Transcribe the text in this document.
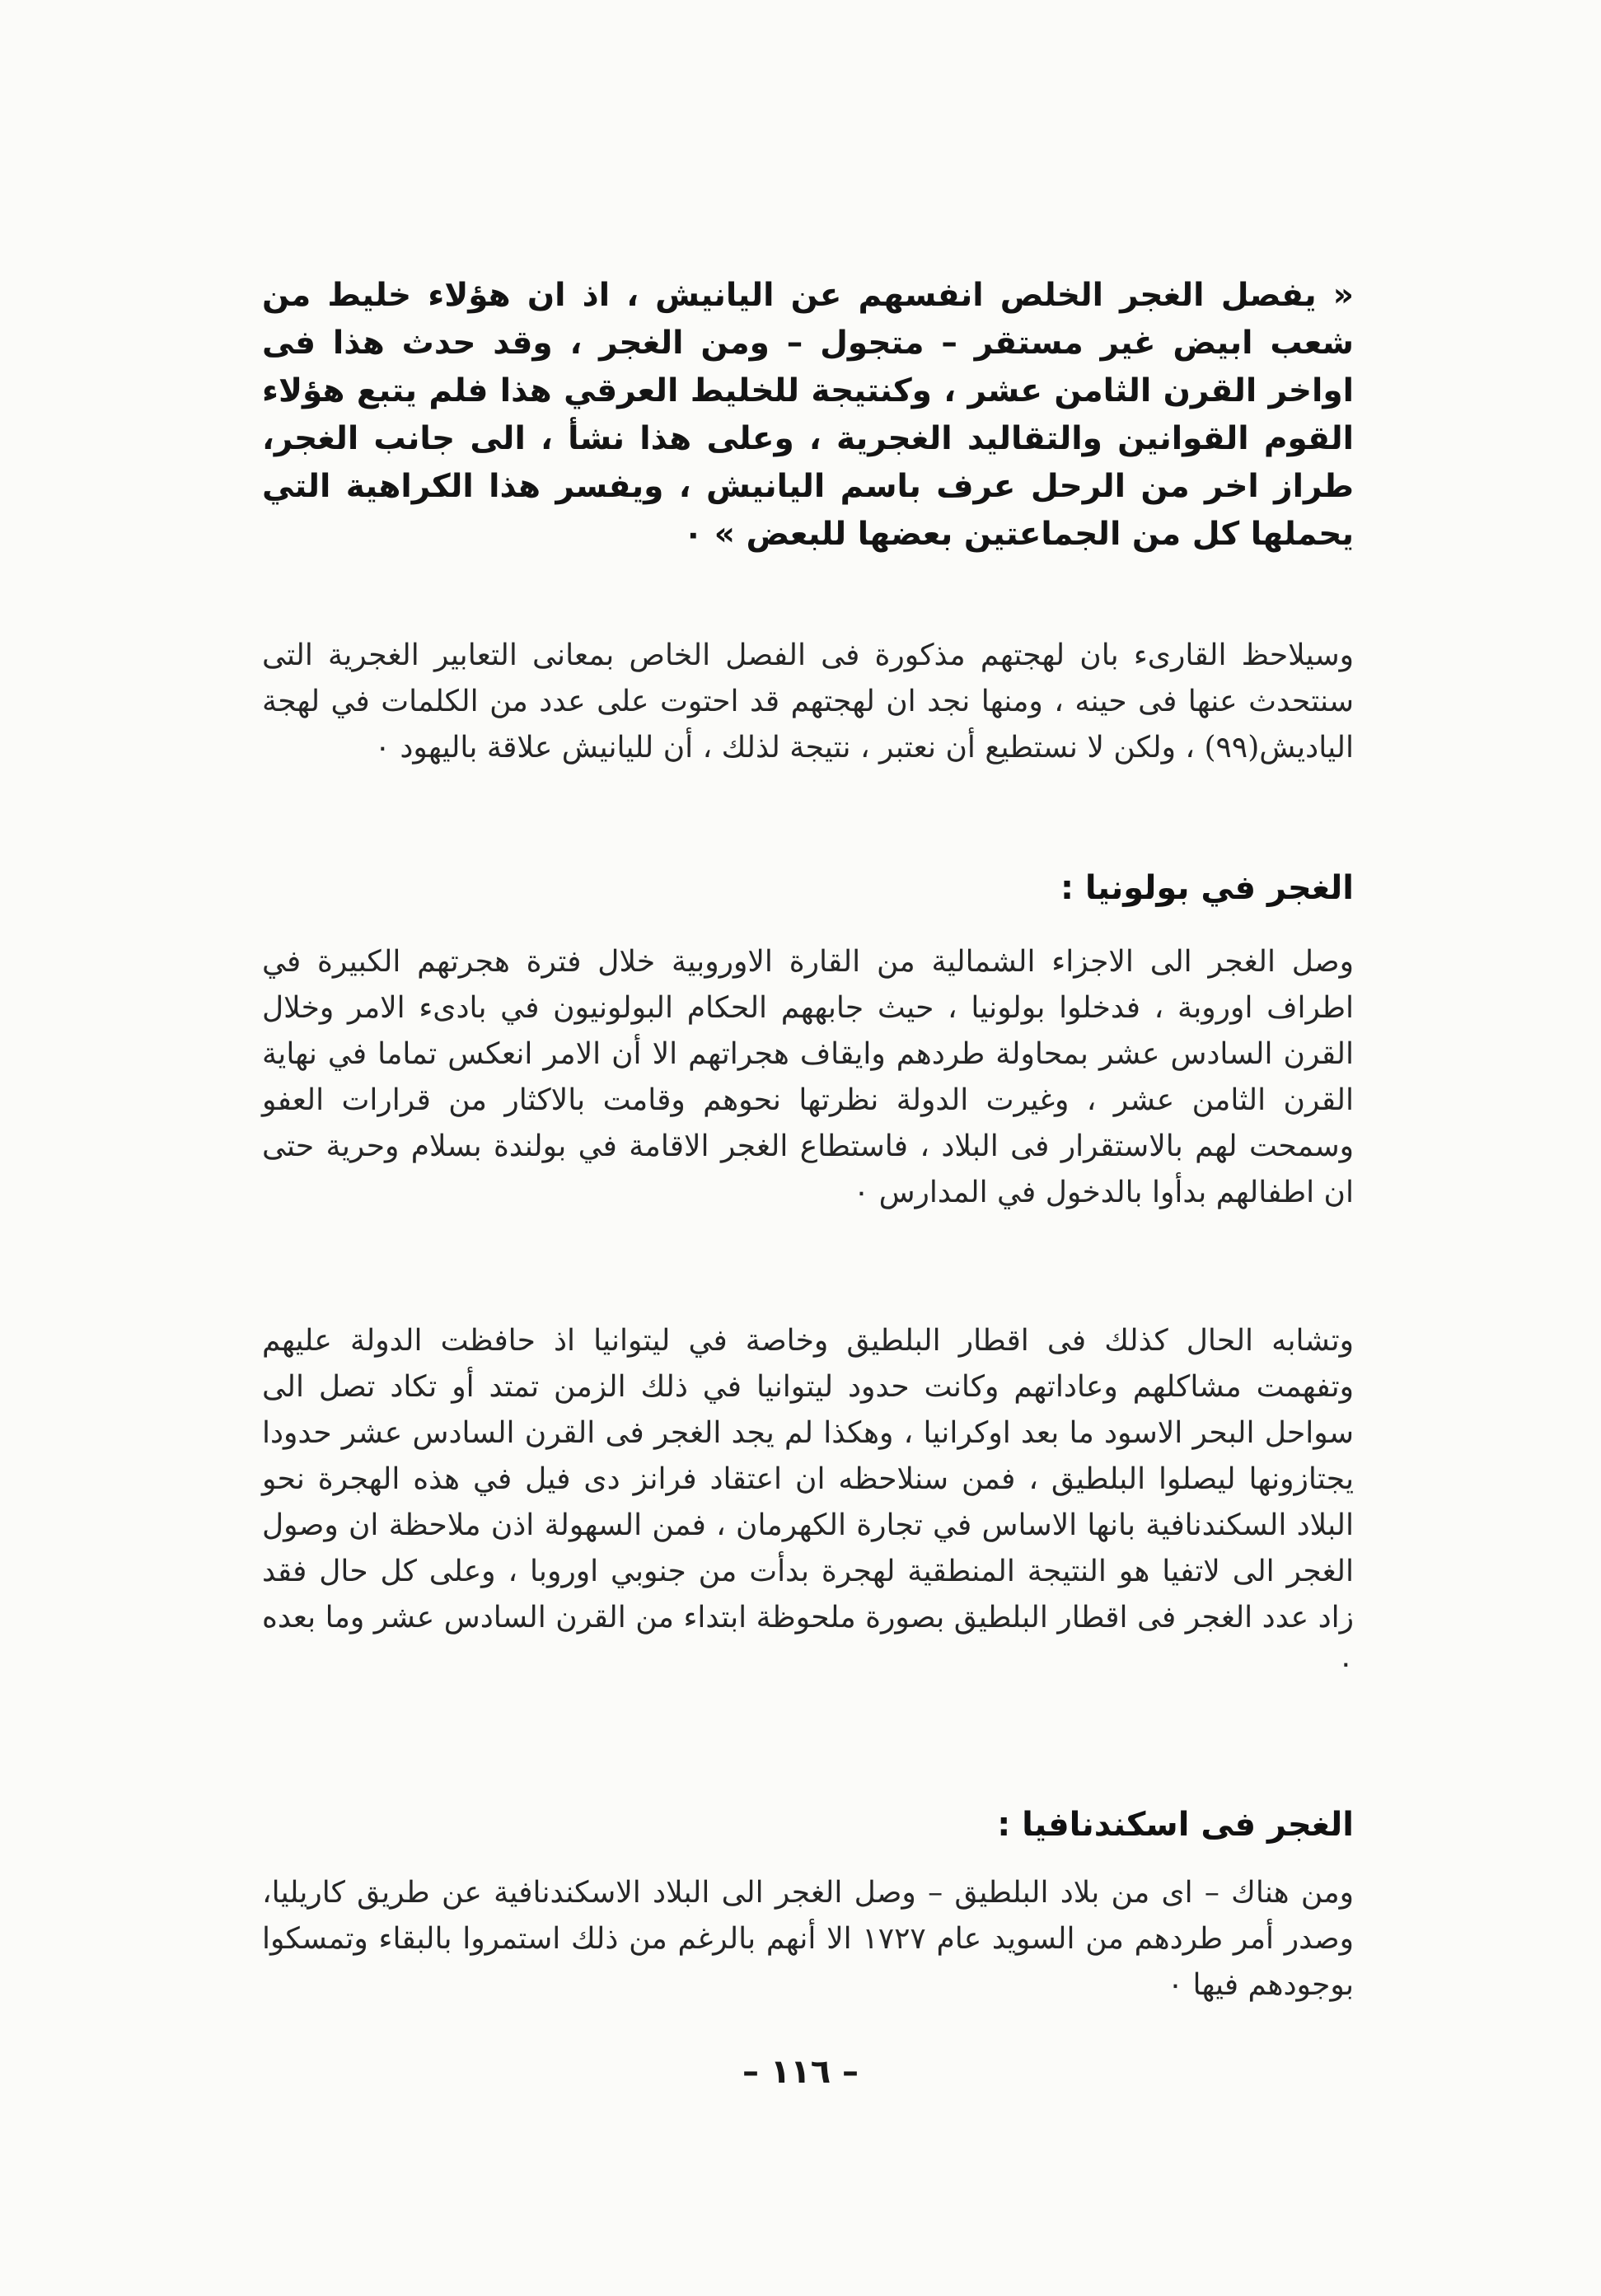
« يفصل الغجر الخلص انفسهم عن اليانيش ، اذ ان هؤلاء خليط من شعب ابيض غير مستقر – متجول – ومن الغجر ، وقد حدث هذا فى اواخر القرن الثامن عشر ، وكنتيجة للخليط العرقي هذا فلم يتبع هؤلاء القوم القوانين والتقاليد الغجرية ، وعلى هذا نشأ ، الى جانب الغجر، طراز اخر من الرحل عرف باسم اليانيش ، ويفسر هذا الكراهية التي يحملها كل من الجماعتين بعضها للبعض » ٠
وسيلاحظ القارىء بان لهجتهم مذكورة فى الفصل الخاص بمعانى التعابير الغجرية التى سنتحدث عنها فى حينه ، ومنها نجد ان لهجتهم قد احتوت على عدد من الكلمات في لهجة اليادیش(٩٩) ، ولكن لا نستطيع أن نعتبر ، نتيجة لذلك ، أن لليانيش علاقة باليهود ٠
الغجر في بولونيا :
وصل الغجر الى الاجزاء الشمالية من القارة الاوروبية خلال فترة هجرتهم الكبيرة في اطراف اوروبة ، فدخلوا بولونيا ، حيث جابههم الحكام البولونيون في بادىء الامر وخلال القرن السادس عشر بمحاولة طردهم وايقاف هجراتهم الا أن الامر انعكس تماما في نهاية القرن الثامن عشر ، وغيرت الدولة نظرتها نحوهم وقامت بالاكثار من قرارات العفو وسمحت لهم بالاستقرار فى البلاد ، فاستطاع الغجر الاقامة في بولندة بسلام وحرية حتى ان اطفالهم بدأوا بالدخول في المدارس ٠
وتشابه الحال كذلك فى اقطار البلطيق وخاصة في ليتوانيا اذ حافظت الدولة عليهم وتفهمت مشاكلهم وعاداتهم وكانت حدود ليتوانيا في ذلك الزمن تمتد أو تكاد تصل الى سواحل البحر الاسود ما بعد اوكرانيا ، وهكذا لم يجد الغجر فى القرن السادس عشر حدودا يجتازونها ليصلوا البلطيق ، فمن سنلاحظه ان اعتقاد فرانز دى فيل في هذه الهجرة نحو البلاد السكندنافية بانها الاساس في تجارة الكهرمان ، فمن السهولة اذن ملاحظة ان وصول الغجر الى لاتفيا هو النتيجة المنطقية لهجرة بدأت من جنوبي اوروبا ، وعلى كل حال فقد زاد عدد الغجر فى اقطار البلطيق بصورة ملحوظة ابتداء من القرن السادس عشر وما بعده ٠
الغجر فى اسكندنافيا :
ومن هناك – اى من بلاد البلطيق – وصل الغجر الى البلاد الاسكندنافية عن طريق كاريليا، وصدر أمر طردهم من السويد عام ١٧٢٧ الا أنهم بالرغم من ذلك استمروا بالبقاء وتمسكوا بوجودهم فيها ٠
– ١١٦ –
